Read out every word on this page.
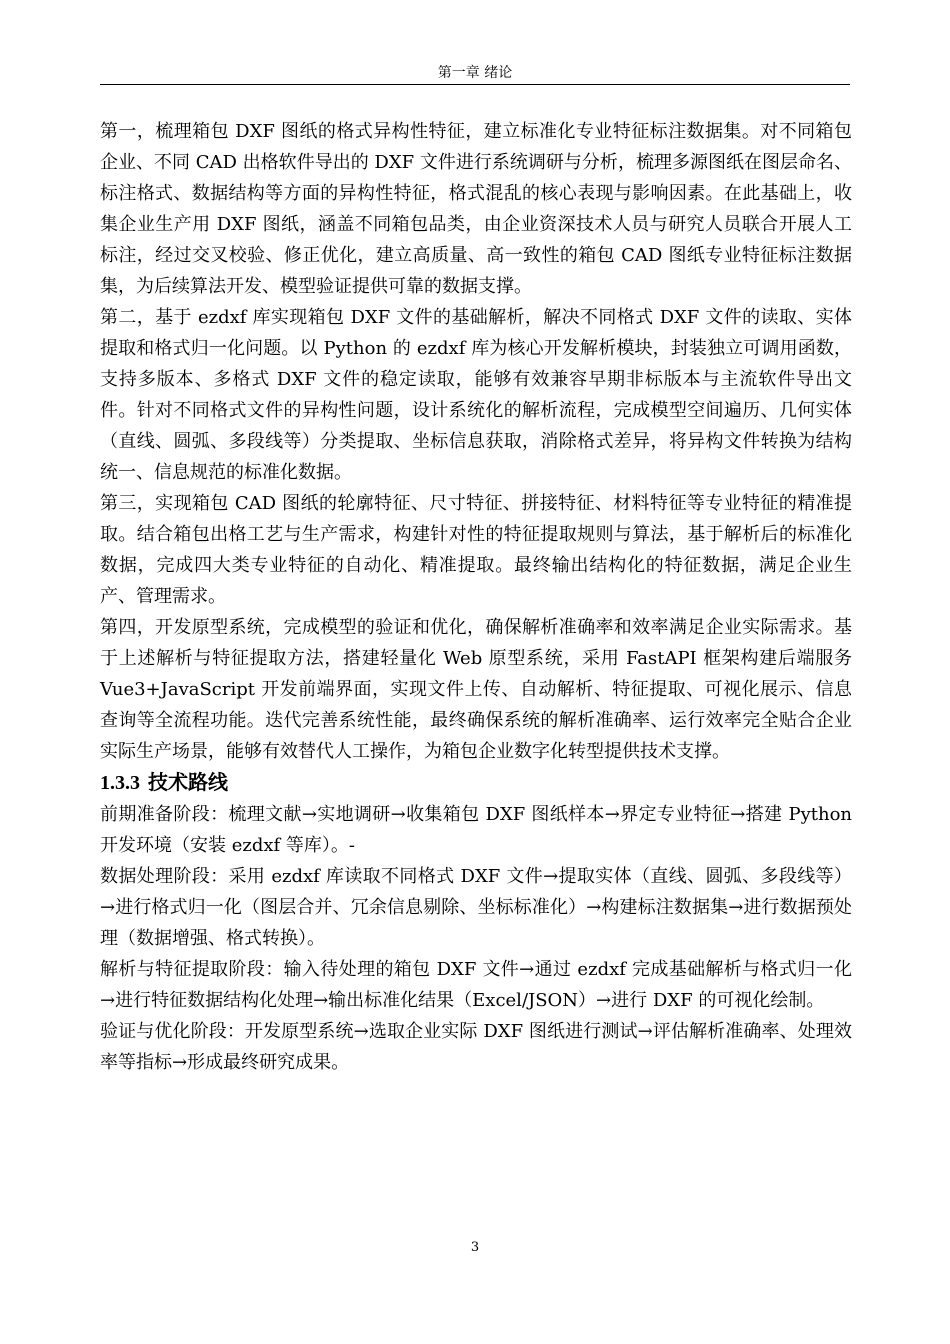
第一章 绪论

第一，梳理箱包 DXF 图纸的格式异构性特征，建立标准化专业特征标注数据集。对不同箱包企业、不同 CAD 出格软件导出的 DXF 文件进行系统调研与分析，梳理多源图纸在图层命名、标注格式、数据结构等方面的异构性特征，格式混乱的核心表现与影响因素。在此基础上，收集企业生产用 DXF 图纸，涵盖不同箱包品类，由企业资深技术人员与研究人员联合开展人工标注，经过交叉校验、修正优化，建立高质量、高一致性的箱包 CAD 图纸专业特征标注数据集，为后续算法开发、模型验证提供可靠的数据支撑。

第二，基于 ezdxf 库实现箱包 DXF 文件的基础解析，解决不同格式 DXF 文件的读取、实体提取和格式归一化问题。以 Python 的 ezdxf 库为核心开发解析模块，封装独立可调用函数，支持多版本、多格式 DXF 文件的稳定读取，能够有效兼容早期非标版本与主流软件导出文件。针对不同格式文件的异构性问题，设计系统化的解析流程，完成模型空间遍历、几何实体（直线、圆弧、多段线等）分类提取、坐标信息获取，消除格式差异，将异构文件转换为结构统一、信息规范的标准化数据。

第三，实现箱包 CAD 图纸的轮廓特征、尺寸特征、拼接特征、材料特征等专业特征的精准提取。结合箱包出格工艺与生产需求，构建针对性的特征提取规则与算法，基于解析后的标准化数据，完成四大类专业特征的自动化、精准提取。最终输出结构化的特征数据，满足企业生产、管理需求。

第四，开发原型系统，完成模型的验证和优化，确保解析准确率和效率满足企业实际需求。基于上述解析与特征提取方法，搭建轻量化 Web 原型系统，采用 FastAPI 框架构建后端服务 Vue3+JavaScript 开发前端界面，实现文件上传、自动解析、特征提取、可视化展示、信息查询等全流程功能。迭代完善系统性能，最终确保系统的解析准确率、运行效率完全贴合企业实际生产场景，能够有效替代人工操作，为箱包企业数字化转型提供技术支撑。

1.3.3 技术路线

前期准备阶段：梳理文献→实地调研→收集箱包 DXF 图纸样本→界定专业特征→搭建 Python 开发环境（安装 ezdxf 等库）。-

数据处理阶段：采用 ezdxf 库读取不同格式 DXF 文件→提取实体（直线、圆弧、多段线等）→进行格式归一化（图层合并、冗余信息剔除、坐标标准化）→构建标注数据集→进行数据预处理（数据增强、格式转换）。

解析与特征提取阶段：输入待处理的箱包 DXF 文件→通过 ezdxf 完成基础解析与格式归一化→进行特征数据结构化处理→输出标准化结果（Excel/JSON）→进行 DXF 的可视化绘制。

验证与优化阶段：开发原型系统→选取企业实际 DXF 图纸进行测试→评估解析准确率、处理效率等指标→形成最终研究成果。

3
